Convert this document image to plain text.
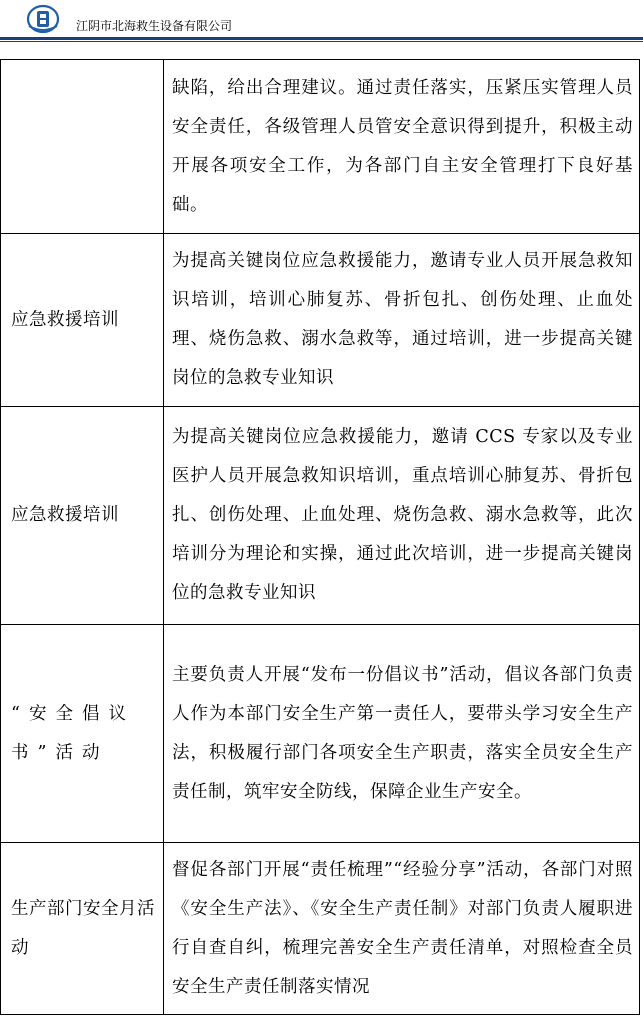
江阴市北海救生设备有限公司
	缺陷，给出合理建议。通过责任落实，压紧压实管理人员安全责任，各级管理人员管安全意识得到提升，积极主动开展各项安全工作，为各部门自主安全管理打下良好基础。

应急救援培训	为提高关键岗位应急救援能力，邀请专业人员开展急救知识培训，培训心肺复苏、骨折包扎、创伤处理、止血处理、烧伤急救、溺水急救等，通过培训，进一步提高关键岗位的急救专业知识

应急救援培训	为提高关键岗位应急救援能力，邀请 CCS 专家以及专业医护人员开展急救知识培训，重点培训心肺复苏、骨折包扎、创伤处理、止血处理、烧伤急救、溺水急救等，此次培训分为理论和实操，通过此次培训，进一步提高关键岗位的急救专业知识

“安全倡议书”活动	主要负责人开展“发布一份倡议书”活动，倡议各部门负责人作为本部门安全生产第一责任人，要带头学习安全生产法，积极履行部门各项安全生产职责，落实全员安全生产责任制，筑牢安全防线，保障企业生产安全。

生产部门安全月活动	督促各部门开展“责任梳理”“经验分享”活动，各部门对照《安全生产法》、《安全生产责任制》对部门负责人履职进行自查自纠，梳理完善安全生产责任清单，对照检查全员安全生产责任制落实情况
